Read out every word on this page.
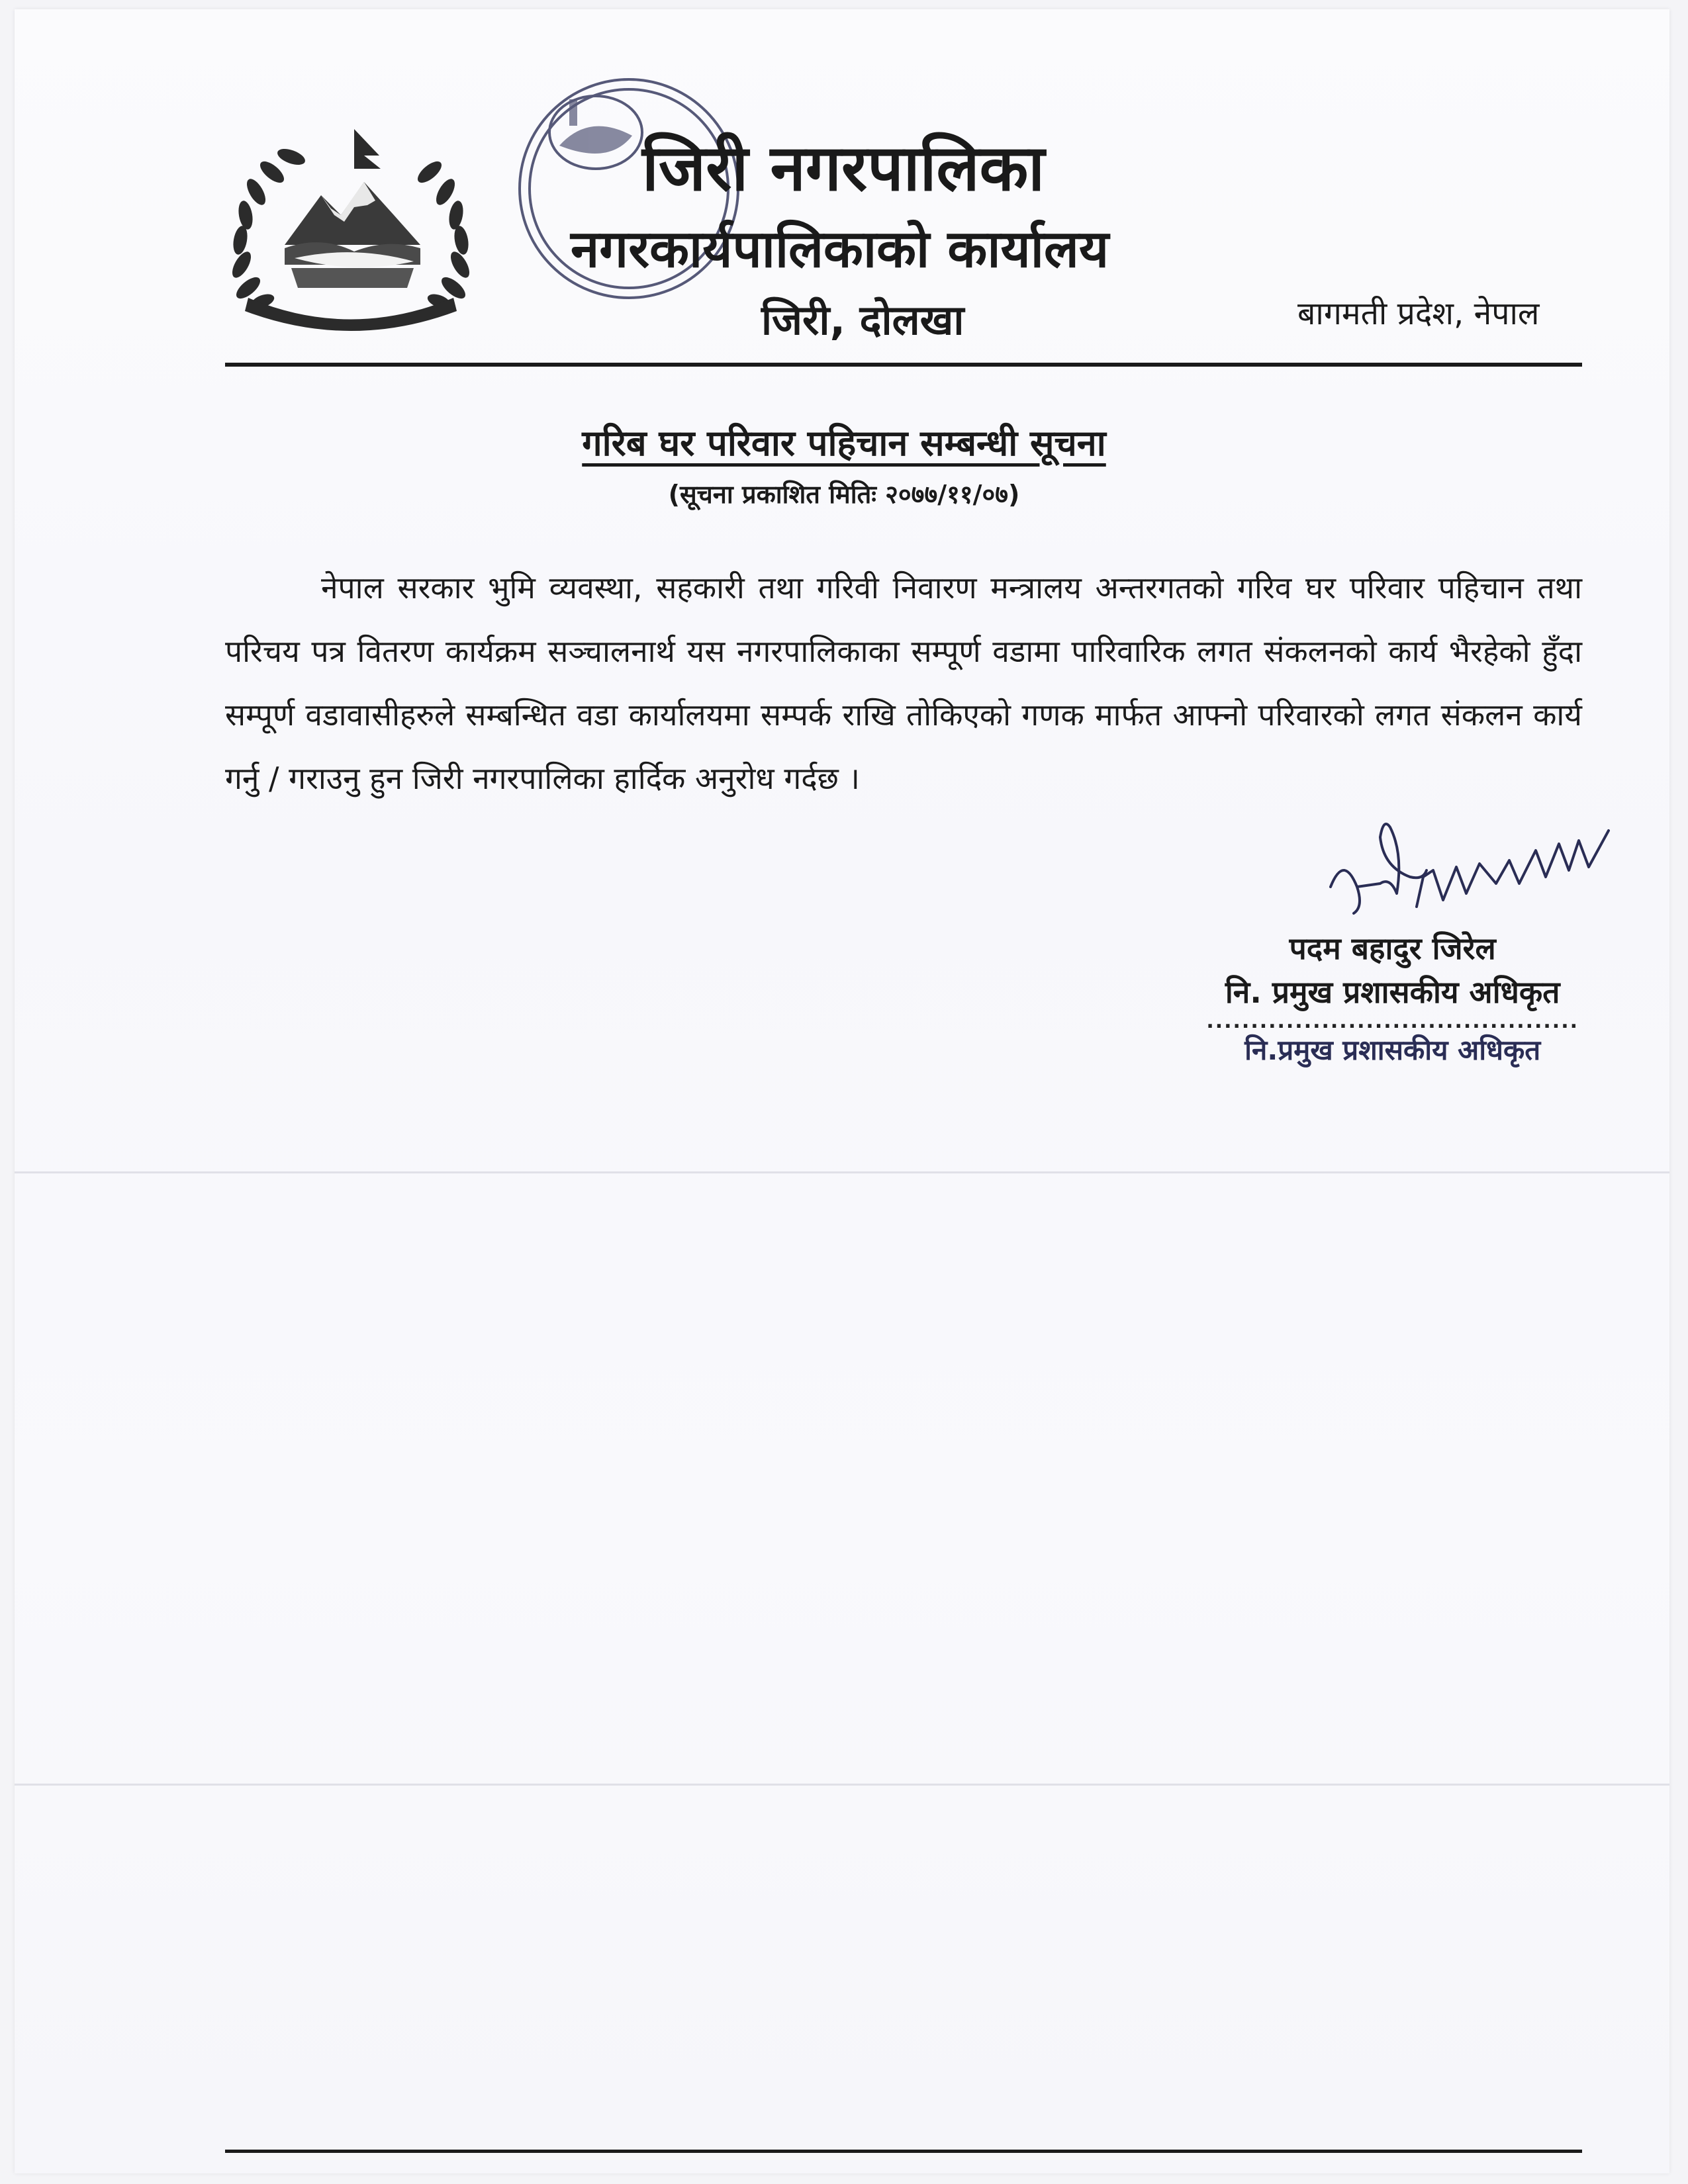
जिरी नगरपालिका
नगरकार्यपालिकाको कार्यालय
जिरी, दोलखा	बागमती प्रदेश, नेपाल
गरिब घर परिवार पहिचान सम्बन्धी सूचना
(सूचना प्रकाशित मितिः २०७७/११/०७)

नेपाल सरकार भुमि व्यवस्था, सहकारी तथा गरिवी निवारण मन्त्रालय अन्तरगतको गरिव घर परिवार पहिचान तथा परिचय पत्र वितरण कार्यक्रम सञ्चालनार्थ यस नगरपालिकाका सम्पूर्ण वडामा पारिवारिक लगत संकलनको कार्य भैरहेको हुँदा सम्पूर्ण वडावासीहरुले सम्बन्धित वडा कार्यालयमा सम्पर्क राखि तोकिएको गणक मार्फत आफ्नो परिवारको लगत संकलन कार्य गर्नु / गराउनु हुन जिरी नगरपालिका हार्दिक अनुरोध गर्दछ ।

पदम बहादुर जिरेल
नि. प्रमुख प्रशासकीय अधिकृत
..........................................
नि.प्रमुख प्रशासकीय अधिकृत
